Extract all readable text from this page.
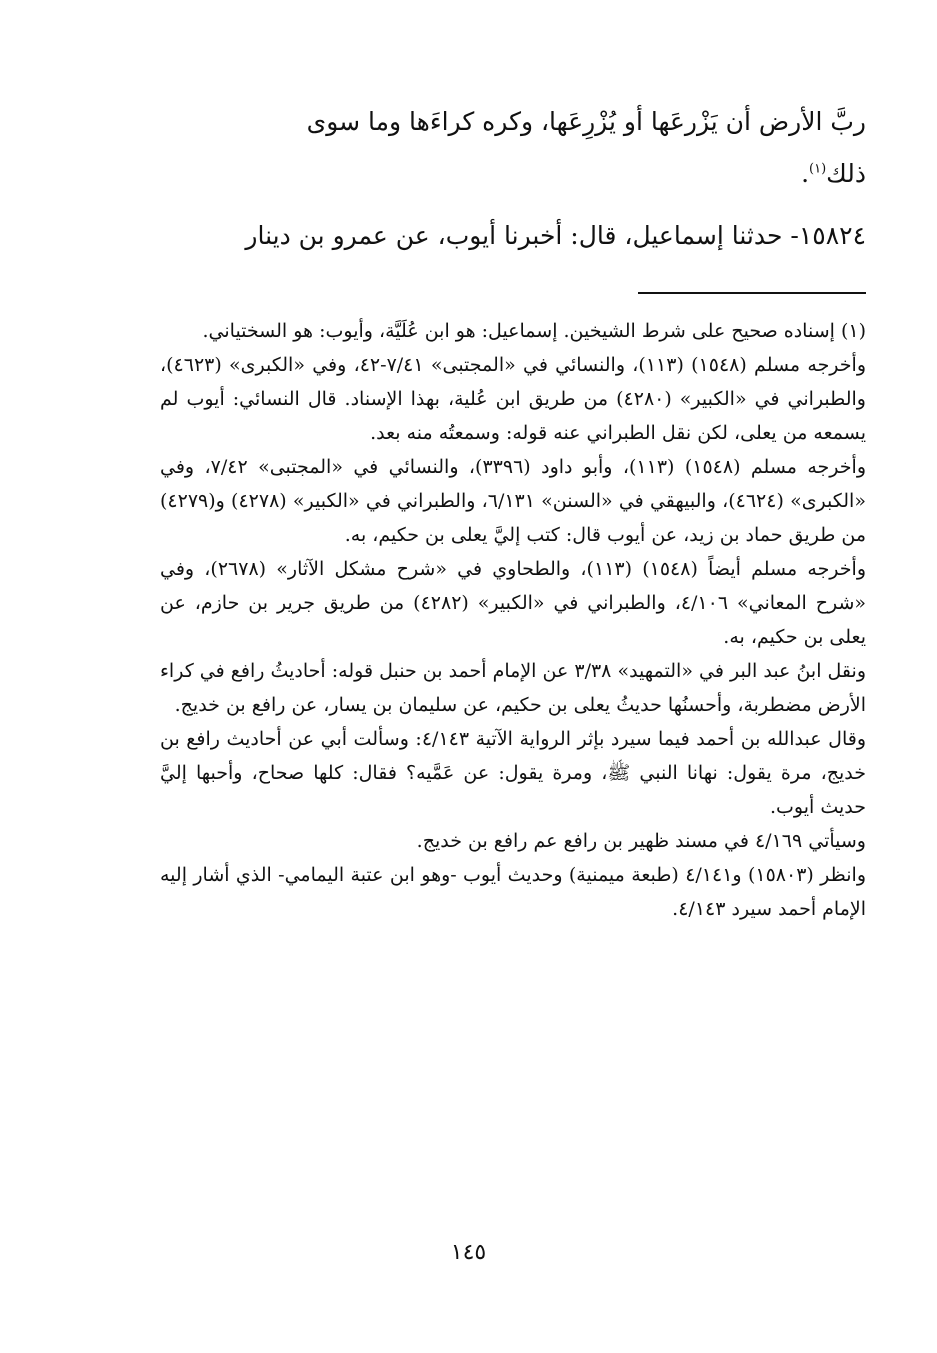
ربَّ الأرض أن يَزْرعَها أو يُزْرِعَها، وكره كراءَها وما سوى

ذلك$^{(١)}$.

١٥٨٢٤- حدثنا إسماعيل، قال: أخبرنا أيوب، عن عمرو بن دينار

(١) إسناده صحيح على شرط الشيخين. إسماعيل: هو ابن عُلَيَّة، وأيوب: هو السختياني.

وأخرجه مسلم (١٥٤٨) (١١٣)، والنسائي في «المجتبى» ٧/٤١-٤٢، وفي «الكبرى» (٤٦٢٣)، والطبراني في «الكبير» (٤٢٨٠) من طريق ابن عُلية، بهذا الإسناد. قال النسائي: أيوب لم يسمعه من يعلى، لكن نقل الطبراني عنه قوله: وسمعتُه منه بعد.

وأخرجه مسلم (١٥٤٨) (١١٣)، وأبو داود (٣٣٩٦)، والنسائي في «المجتبى» ٧/٤٢، وفي «الكبرى» (٤٦٢٤)، والبيهقي في «السنن» ٦/١٣١، والطبراني في «الكبير» (٤٢٧٨) و(٤٢٧٩) من طريق حماد بن زيد، عن أيوب قال: كتب إليَّ يعلى بن حكيم، به.

وأخرجه مسلم أيضاً (١٥٤٨) (١١٣)، والطحاوي في «شرح مشكل الآثار» (٢٦٧٨)، وفي «شرح المعاني» ٤/١٠٦، والطبراني في «الكبير» (٤٢٨٢) من طريق جرير بن حازم، عن يعلى بن حكيم، به.

ونقل ابنُ عبد البر في «التمهيد» ٣/٣٨ عن الإمام أحمد بن حنبل قوله: أحاديثُ رافع في كراء الأرض مضطربة، وأحسنُها حديثُ يعلى بن حكيم، عن سليمان بن يسار، عن رافع بن خديج.

وقال عبدالله بن أحمد فيما سيرد بإثر الرواية الآتية ٤/١٤٣: وسألت أبي عن أحاديث رافع بن خديج، مرة يقول: نهانا النبي ﷺ، ومرة يقول: عن عَمَّيه؟ فقال: كلها صحاح، وأحبها إليَّ حديث أيوب.

وسيأتي ٤/١٦٩ في مسند ظهير بن رافع عم رافع بن خديج.

وانظر (١٥٨٠٣) و٤/١٤١ (طبعة ميمنية) وحديث أيوب -وهو ابن عتبة اليمامي- الذي أشار إليه الإمام أحمد سيرد ٤/١٤٣.

١٤٥
